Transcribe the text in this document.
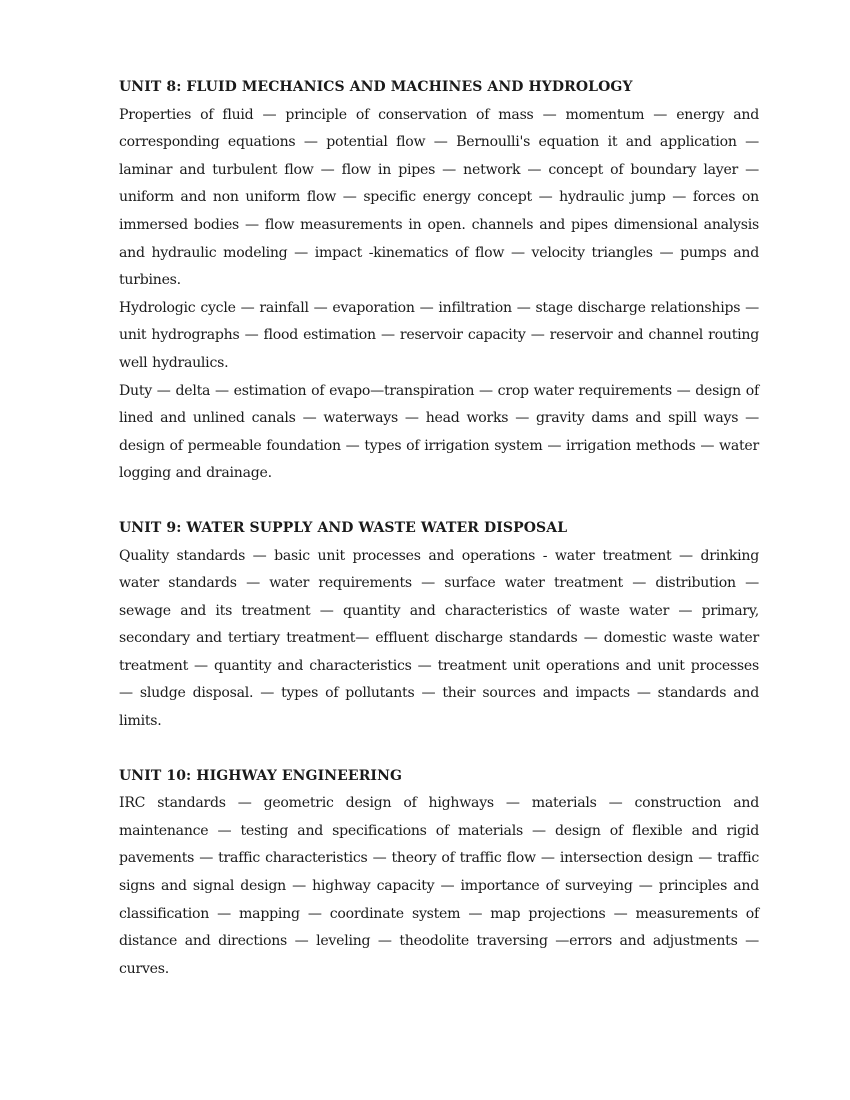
UNIT 8: FLUID MECHANICS AND MACHINES AND HYDROLOGY

Properties of fluid — principle of conservation of mass — momentum — energy and corresponding equations — potential flow — Bernoulli's equation it and application — laminar and turbulent flow — flow in pipes — network — concept of boundary layer — uniform and non uniform flow — specific energy concept — hydraulic jump — forces on immersed bodies — flow measurements in open. channels and pipes dimensional analysis and hydraulic modeling — impact -kinematics of flow — velocity triangles — pumps and turbines.

Hydrologic cycle — rainfall — evaporation — infiltration — stage discharge relationships — unit hydrographs — flood estimation — reservoir capacity — reservoir and channel routing well hydraulics.

Duty — delta — estimation of evapo—transpiration — crop water requirements — design of lined and unlined canals — waterways — head works — gravity dams and spill ways — design of permeable foundation — types of irrigation system — irrigation methods — water logging and drainage.

UNIT 9: WATER SUPPLY AND WASTE WATER DISPOSAL

Quality standards — basic unit processes and operations - water treatment — drinking water standards — water requirements — surface water treatment — distribution — sewage and its treatment — quantity and characteristics of waste water — primary, secondary and tertiary treatment— effluent discharge standards — domestic waste water treatment — quantity and characteristics — treatment unit operations and unit processes — sludge disposal. — types of pollutants — their sources and impacts — standards and limits.

UNIT 10: HIGHWAY ENGINEERING

IRC standards — geometric design of highways — materials — construction and maintenance — testing and specifications of materials — design of flexible and rigid pavements — traffic characteristics — theory of traffic flow — intersection design — traffic signs and signal design — highway capacity — importance of surveying — principles and classification — mapping — coordinate system — map projections — measurements of distance and directions — leveling — theodolite traversing —errors and adjustments — curves.
